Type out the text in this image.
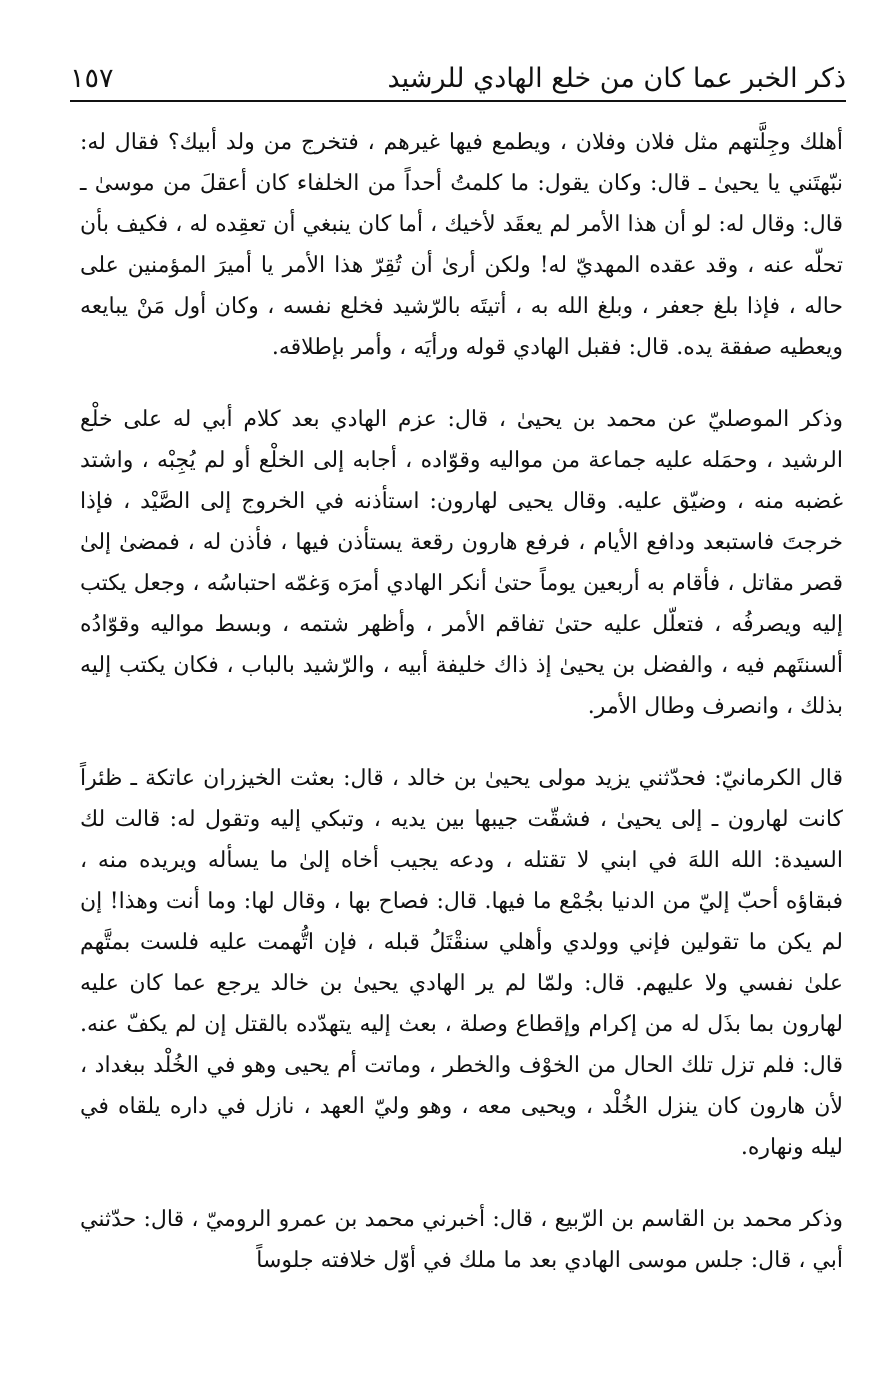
ذكر الخبر عما كان من خلع الهادي للرشيد
١٥٧

أهلك وجِلَّتهم مثل فلان وفلان ، ويطمع فيها غيرهم ، فتخرج من ولد أبيك؟ فقال له: نبّهتَني يا يحيىٰ ـ قال: وكان يقول: ما كلمتُ أحداً من الخلفاء كان أعقلَ من موسىٰ ـ قال: وقال له: لو أن هذا الأمر لم يعقَد لأخيك ، أما كان ينبغي أن تعقِده له ، فكيف بأن تحلّه عنه ، وقد عقده المهديّ له! ولكن أرىٰ أن تُقِرّ هذا الأمر يا أميرَ المؤمنين على حاله ، فإذا بلغ جعفر ، وبلغ الله به ، أتيتَه بالرّشيد فخلع نفسه ، وكان أول مَنْ يبايعه ويعطيه صفقة يده. قال: فقبل الهادي قوله ورأيَه ، وأمر بإطلاقه.

وذكر الموصليّ عن محمد بن يحيىٰ ، قال: عزم الهادي بعد كلام أبي له على خلْع الرشيد ، وحمَله عليه جماعة من مواليه وقوّاده ، أجابه إلى الخلْع أو لم يُجِبْه ، واشتد غضبه منه ، وضيّق عليه. وقال يحيى لهارون: استأذنه في الخروج إلى الصَّيْد ، فإذا خرجتَ فاستبعد ودافع الأيام ، فرفع هارون رقعة يستأذن فيها ، فأذن له ، فمضىٰ إلىٰ قصر مقاتل ، فأقام به أربعين يوماً حتىٰ أنكر الهادي أمرَه وَغمّه احتباسُه ، وجعل يكتب إليه ويصرفُه ، فتعلّل عليه حتىٰ تفاقم الأمر ، وأظهر شتمه ، وبسط مواليه وقوّادُه ألسنتَهم فيه ، والفضل بن يحيىٰ إذ ذاك خليفة أبيه ، والرّشيد بالباب ، فكان يكتب إليه بذلك ، وانصرف وطال الأمر.

قال الكرمانيّ: فحدّثني يزيد مولى يحيىٰ بن خالد ، قال: بعثت الخيزران عاتكة ـ ظئراً كانت لهارون ـ إلى يحيىٰ ، فشقّت جيبها بين يديه ، وتبكي إليه وتقول له: قالت لك السيدة: الله اللهَ في ابني لا تقتله ، ودعه يجيب أخاه إلىٰ ما يسأله ويريده منه ، فبقاؤه أحبّ إليّ من الدنيا بجُمْع ما فيها. قال: فصاح بها ، وقال لها: وما أنت وهذا! إن لم يكن ما تقولين فإني وولدي وأهلي سنقْتَلُ قبله ، فإن اتُّهمت عليه فلست بمتَّهم علىٰ نفسي ولا عليهم. قال: ولمّا لم ير الهادي يحيىٰ بن خالد يرجع عما كان عليه لهارون بما بذَل له من إكرام وإقطاع وصلة ، بعث إليه يتهدّده بالقتل إن لم يكفّ عنه. قال: فلم تزل تلك الحال من الخوْف والخطر ، وماتت أم يحيى وهو في الخُلْد ببغداد ، لأن هارون كان ينزل الخُلْد ، ويحيى معه ، وهو وليّ العهد ، نازل في داره يلقاه في ليله ونهاره.

وذكر محمد بن القاسم بن الرّبيع ، قال: أخبرني محمد بن عمرو الروميّ ، قال: حدّثني أبي ، قال: جلس موسى الهادي بعد ما ملك في أوّل خلافته جلوساً
